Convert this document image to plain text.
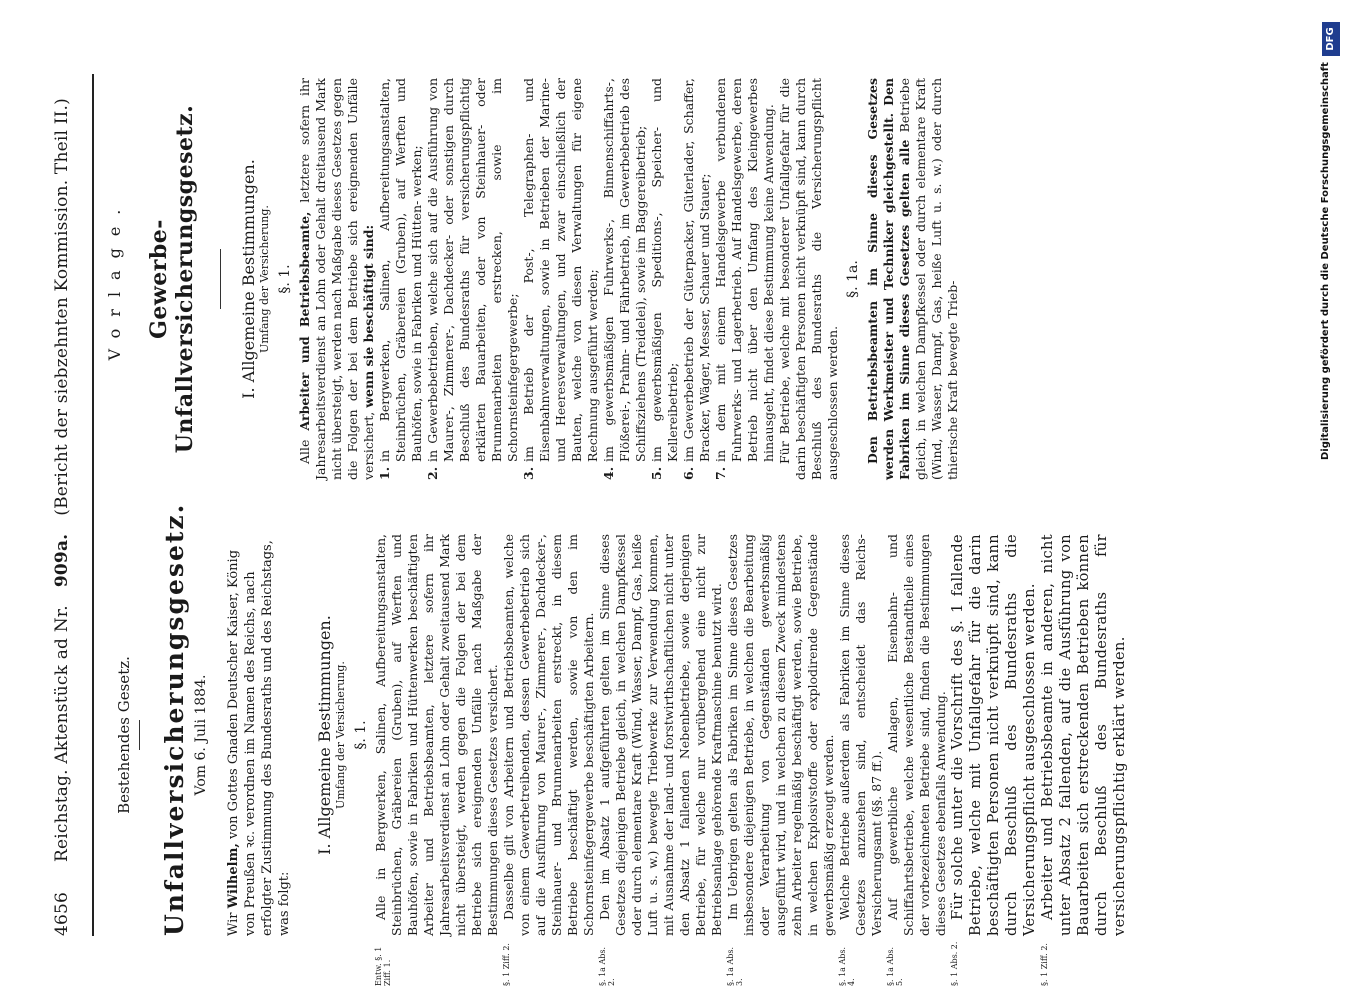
4656
Reichstag. Aktenstück ad Nr.
909a.
(Bericht der siebzehnten Kommission. Theil II.)
Bestehendes Gesetz. Unfallversicherungsgesetz. Vom 6. Juli 1884.
Wir Wilhelm, von Gottes Gnaden Deutscher Kaiser, König von Preußen ꝛc. verordnen im Namen des Reichs, nach erfolgter Zustimmung des Bundesraths und des Reichstags, was folgt:
I. Allgemeine Bestimmungen. Umfang der Versicherung. §. 1.
Entw. §. 1 Ziff. 1.

Alle in Bergwerken, Salinen, Aufbereitungsanstalten, Steinbrüchen, Gräbereien (Gruben), auf Werften und Bauhöfen, sowie in Fabriken und Hüttenwerken beschäftigten Arbeiter und Betriebsbeamten, letztere sofern ihr Jahresarbeitsverdienst an Lohn oder Gehalt zweitausend Mark nicht übersteigt, werden gegen die Folgen der bei dem Betriebe sich ereignenden Unfälle nach Maßgabe der Bestimmungen dieses Gesetzes versichert.

§. 1 Ziff. 2.

Dasselbe gilt von Arbeitern und Betriebsbeamten, welche von einem Gewerbetreibenden, dessen Gewerbebetrieb sich auf die Ausführung von Maurer-, Zimmerer-, Dachdecker-, Steinhauer- und Brunnenarbeiten erstreckt, in diesem Betriebe beschäftigt werden, sowie von den im Schornsteinfegergewerbe beschäftigten Arbeitern.

§. 1a Abs. 2.

Den im Absatz 1 aufgeführten gelten im Sinne dieses Gesetzes diejenigen Betriebe gleich, in welchen Dampfkessel oder durch elementare Kraft (Wind, Wasser, Dampf, Gas, heiße Luft u. s. w.) bewegte Triebwerke zur Verwendung kommen, mit Ausnahme der land- und forstwirthschaftlichen nicht unter den Absatz 1 fallenden Nebenbetriebe, sowie derjenigen Betriebe, für welche nur vorübergehend eine nicht zur Betriebsanlage gehörende Kraftmaschine benutzt wird.

§. 1a Abs. 3.

Im Uebrigen gelten als Fabriken im Sinne dieses Gesetzes insbesondere diejenigen Betriebe, in welchen die Bearbeitung oder Verarbeitung von Gegenständen gewerbsmäßig ausgeführt wird, und in welchen zu diesem Zweck mindestens zehn Arbeiter regelmäßig beschäftigt werden, sowie Betriebe, in welchen Explosivstoffe oder explodirende Gegenstände gewerbsmäßig erzeugt werden.

§. 1a Abs. 4.

Welche Betriebe außerdem als Fabriken im Sinne dieses Gesetzes anzusehen sind, entscheidet das Reichs-Versicherungsamt (§§. 87 ff.).

§. 1a Abs. 5.

Auf gewerbliche Anlagen, Eisenbahn- und Schiffahrtsbetriebe, welche wesentliche Bestandtheile eines der vorbezeichneten Betriebe sind, finden die Bestimmungen dieses Gesetzes ebenfalls Anwendung.

§. 1 Abs. 2.

Für solche unter die Vorschrift des §. 1 fallende Betriebe, welche mit Unfallgefahr für die darin beschäftigten Personen nicht verknüpft sind, kann durch Beschluß des Bundesraths die Versicherungspflicht ausgeschlossen werden.

§. 1 Ziff. 2.

Arbeiter und Betriebsbeamte in anderen, nicht unter Absatz 2 fallenden, auf die Ausführung von Bauarbeiten sich erstreckenden Betrieben können durch Beschluß des Bundesraths für versicherungspflichtig erklärt werden.

Vorlage. Gewerbe-Unfallversicherungsgesetz.	I. Allgemeine Bestimmungen. Umfang der Versicherung. §. 1.

Alle Arbeiter und Betriebsbeamte, letztere sofern ihr Jahresarbeitsverdienst an Lohn oder Gehalt dreitausend Mark nicht übersteigt, werden nach Maßgabe dieses Gesetzes gegen die Folgen der bei dem Betriebe sich ereignenden Unfälle versichert, wenn sie beschäftigt sind:

1.
in Bergwerken, Salinen, Aufbereitungsanstalten, Steinbrüchen, Gräbereien (Gruben), auf Werften und Bauhöfen, sowie in Fabriken und Hütten- werken;
2.
in Gewerbebetrieben, welche sich auf die Ausführung von Maurer-, Zimmerer-, Dachdecker- oder sonstigen durch Beschluß des Bundesraths für versicherungspflichtig erklärten Bauarbeiten, oder von Steinhauer- oder Brunnenarbeiten erstrecken, sowie im Schornsteinfegergewerbe;
3.
im Betrieb der Post-, Telegraphen- und Eisenbahnverwaltungen, sowie in Betrieben der Marine- und Heeresverwaltungen, und zwar einschließlich der Bauten, welche von diesen Verwaltungen für eigene Rechnung ausgeführt werden;
4.
im gewerbsmäßigen Fuhrwerks-, Binnenschiffahrts-, Flößerei-, Prahm- und Fährbetrieb, im Gewerbebetrieb des Schiffsziehens (Treidelei), sowie im Baggereibetrieb;
5.
im gewerbsmäßigen Speditions-, Speicher- und Kellereibetrieb;
6.
im Gewerbebetrieb der Güterpacker, Güterlader, Schaffer, Bracker, Wäger, Messer, Schauer und Stauer;
7.
in dem mit einem Handelsgewerbe verbundenen Fuhrwerks- und Lagerbetrieb. Auf Handelsgewerbe, deren Betrieb nicht über den Umfang des Kleingewerbes hinausgeht, findet diese Bestimmung keine Anwendung. Für Betriebe, welche mit besonderer Unfallgefahr für die darin beschäftigten Personen nicht verknüpft sind, kann durch Beschluß des Bundesraths die Versicherungspflicht ausgeschlossen werden.

§. 1a. Den Betriebsbeamten im Sinne dieses Gesetzes werden Werkmeister und Techniker gleichgestellt. Den Fabriken im Sinne dieses Gesetzes gelten alle Betriebe gleich, in welchen Dampfkessel oder durch elementare Kraft (Wind, Wasser, Dampf, Gas, heiße Luft u. s. w.) oder durch thierische Kraft bewegte Trieb-	Digitalisierung gefördert durch die Deutsche Forschungsgemeinschaft
DFG
